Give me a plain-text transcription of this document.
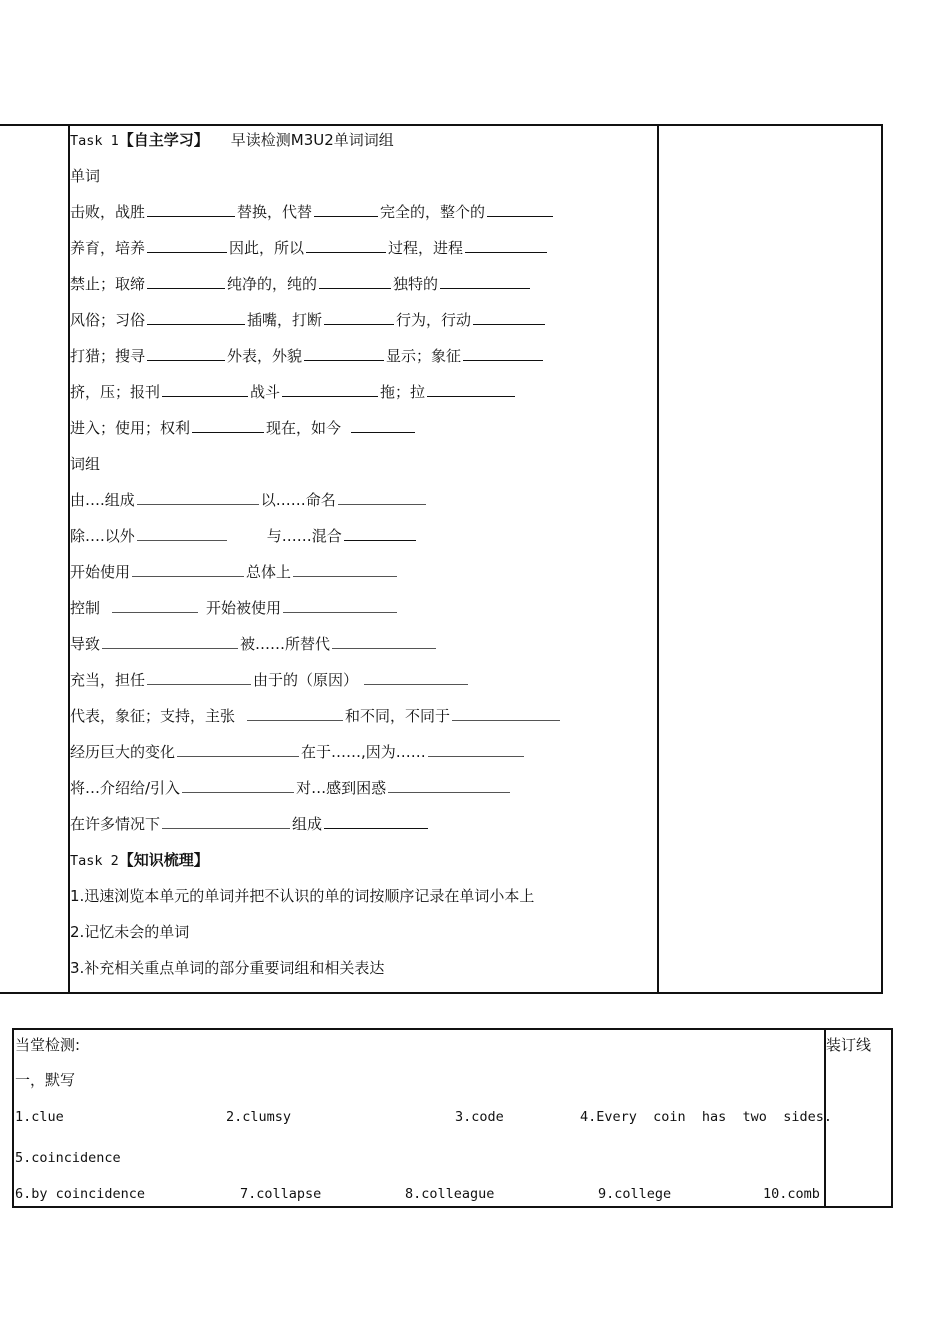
Task 1【自主学习】 早读检测M3U2单词词组
单词
击败，战胜	替换，代替	完全的，整个的
养育，培养	因此，所以	过程，进程
禁止；取缔	纯净的，纯的	独特的
风俗；习俗	插嘴，打断	行为，行动
打猎；搜寻	外表，外貌	显示；象征
挤，压；报刊	战斗	拖；拉
进入；使用；权利	现在，如今
词组
由….组成	以……命名
除….以外	与……混合
开始使用	总体上
控制	开始被使用
导致	被……所替代
充当，担任	由于的（原因）
代表，象征；支持，主张	和不同，不同于
经历巨大的变化	在于……,因为……
将…介绍给/引入	对…感到困惑
在许多情况下	组成
Task 2【知识梳理】
1.迅速浏览本单元的单词并把不认识的单的词按顺序记录在单词小本上
2.记忆未会的单词
3.补充相关重点单词的部分重要词组和相关表达
当堂检测:	装订线
一，默写
1.clue	2.clumsy	3.code	4.Every  coin  has  two  sides.
5.coincidence
6.by coincidence	7.collapse	8.colleague	9.college	10.comb
